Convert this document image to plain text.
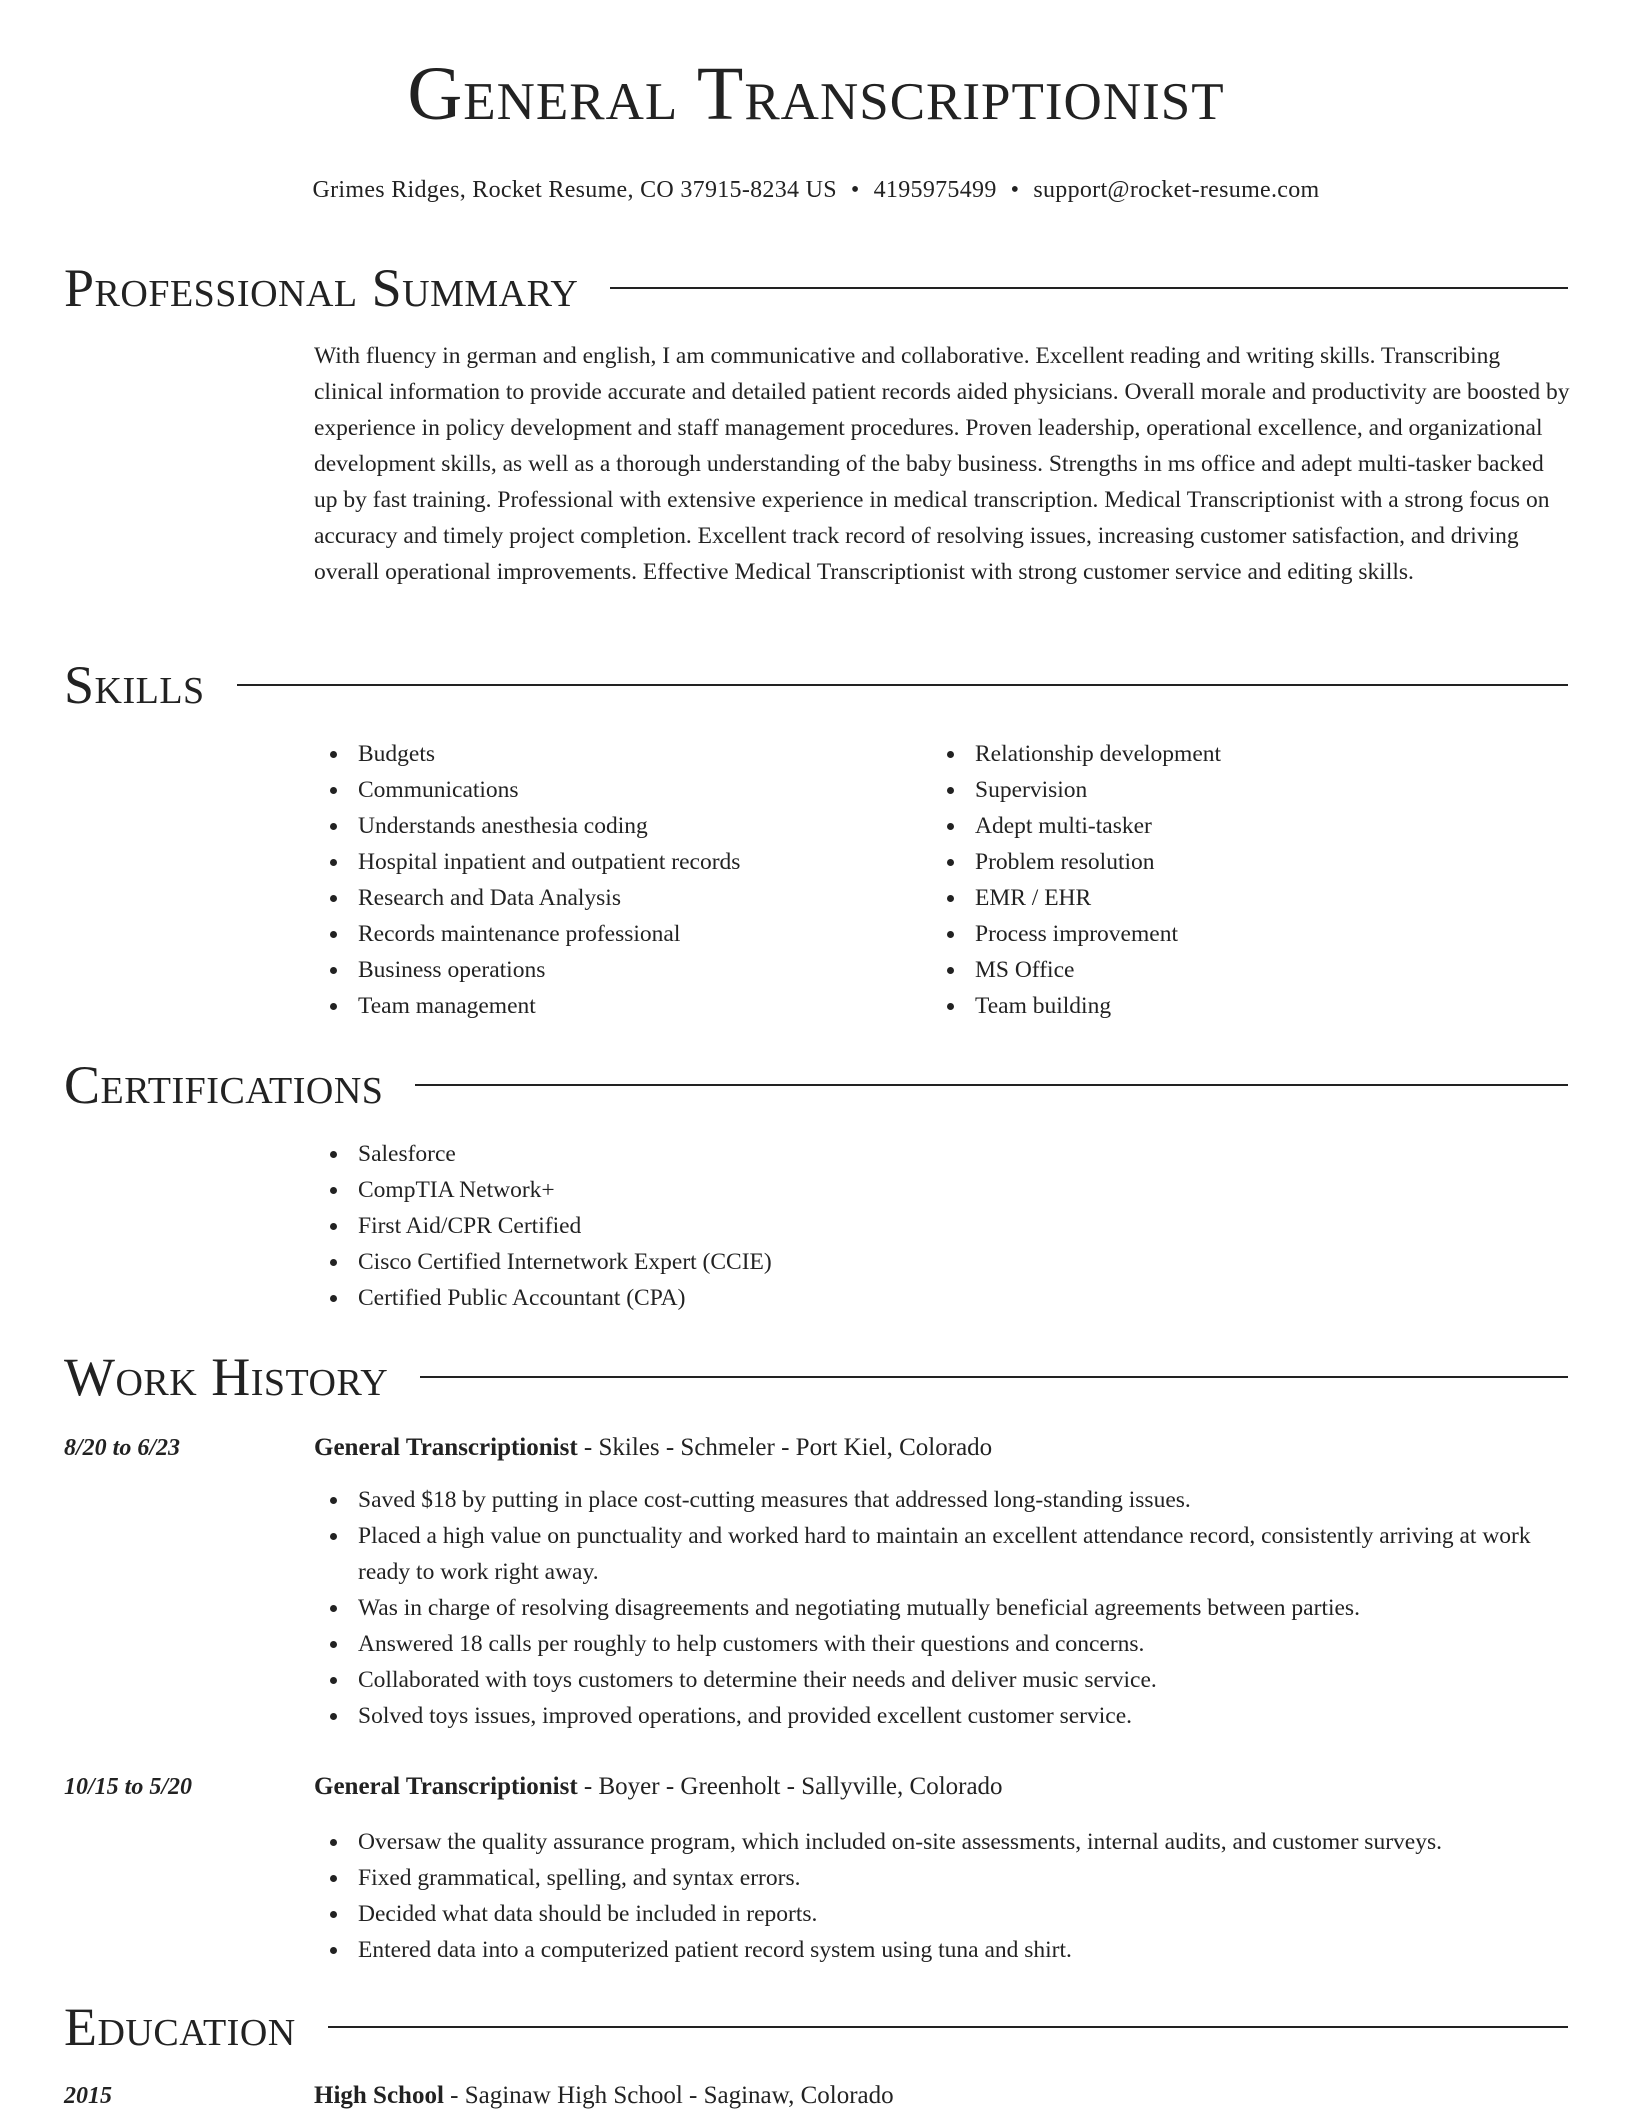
General Transcriptionist
Grimes Ridges, Rocket Resume, CO 37915-8234 US • 4195975499 • support@rocket-resume.com
Professional Summary
With fluency in german and english, I am communicative and collaborative. Excellent reading and writing skills. Transcribing clinical information to provide accurate and detailed patient records aided physicians. Overall morale and productivity are boosted by experience in policy development and staff management procedures. Proven leadership, operational excellence, and organizational development skills, as well as a thorough understanding of the baby business. Strengths in ms office and adept multi-tasker backed up by fast training. Professional with extensive experience in medical transcription. Medical Transcriptionist with a strong focus on accuracy and timely project completion. Excellent track record of resolving issues, increasing customer satisfaction, and driving overall operational improvements. Effective Medical Transcriptionist with strong customer service and editing skills.
Skills
Budgets
Communications
Understands anesthesia coding
Hospital inpatient and outpatient records
Research and Data Analysis
Records maintenance professional
Business operations
Team management
Relationship development
Supervision
Adept multi-tasker
Problem resolution
EMR / EHR
Process improvement
MS Office
Team building
Certifications
Salesforce
CompTIA Network+
First Aid/CPR Certified
Cisco Certified Internetwork Expert (CCIE)
Certified Public Accountant (CPA)
Work History
8/20 to 6/23	General Transcriptionist - Skiles - Schmeler - Port Kiel, Colorado
Saved $18 by putting in place cost-cutting measures that addressed long-standing issues.
Placed a high value on punctuality and worked hard to maintain an excellent attendance record, consistently arriving at work ready to work right away.
Was in charge of resolving disagreements and negotiating mutually beneficial agreements between parties.
Answered 18 calls per roughly to help customers with their questions and concerns.
Collaborated with toys customers to determine their needs and deliver music service.
Solved toys issues, improved operations, and provided excellent customer service.
10/15 to 5/20	General Transcriptionist - Boyer - Greenholt - Sallyville, Colorado
Oversaw the quality assurance program, which included on-site assessments, internal audits, and customer surveys.
Fixed grammatical, spelling, and syntax errors.
Decided what data should be included in reports.
Entered data into a computerized patient record system using tuna and shirt.
Education
2015	High School - Saginaw High School - Saginaw, Colorado
